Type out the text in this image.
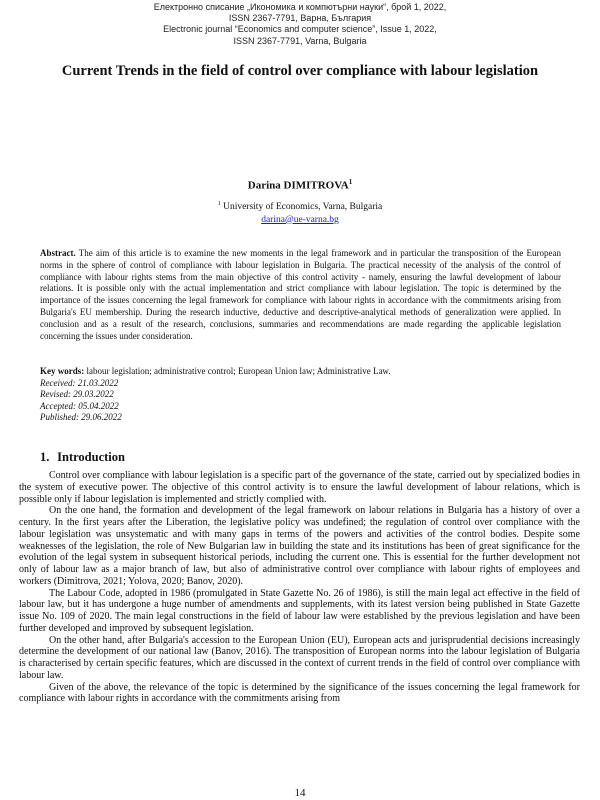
Електронно списание „Икономика и компютърни науки“, брой 1, 2022,
ISSN 2367-7791, Варна, България
Electronic journal “Economics and computer science”, Issue 1, 2022,
ISSN 2367-7791, Varna, Bulgaria
Current Trends in the field of control over compliance with labour legislation
Darina DIMITROVA$^1$
$^1$ University of Economics, Varna, Bulgaria
darina@ue-varna.bg
Abstract. The aim of this article is to examine the new moments in the legal framework and in particular the transposition of the European norms in the sphere of control of compliance with labour legislation in Bulgaria. The practical necessity of the analysis of the control of compliance with labour rights stems from the main objective of this control activity - namely, ensuring the lawful development of labour relations. It is possible only with the actual implementation and strict compliance with labour legislation. The topic is determined by the importance of the issues concerning the legal framework for compliance with labour rights in accordance with the commitments arising from Bulgaria's EU membership. During the research inductive, deductive and descriptive-analytical methods of generalization were applied. In conclusion and as a result of the research, conclusions, summaries and recommendations are made regarding the applicable legislation concerning the issues under consideration.
Key words: labour legislation; administrative control; European Union law; Administrative Law.
Received: 21.03.2022
Revised: 29.03.2022
Accepted: 05.04.2022
Published: 29.06.2022
1. Introduction

Control over compliance with labour legislation is a specific part of the governance of the state, carried out by specialized bodies in the system of executive power. The objective of this control activity is to ensure the lawful development of labour relations, which is possible only if labour legislation is implemented and strictly complied with.

On the one hand, the formation and development of the legal framework on labour relations in Bulgaria has a history of over a century. In the first years after the Liberation, the legislative policy was undefined; the regulation of control over compliance with the labour legislation was unsystematic and with many gaps in terms of the powers and activities of the control bodies. Despite some weaknesses of the legislation, the role of New Bulgarian law in building the state and its institutions has been of great significance for the evolution of the legal system in subsequent historical periods, including the current one. This is essential for the further development not only of labour law as a major branch of law, but also of administrative control over compliance with labour rights of employees and workers (Dimitrova, 2021; Yolova, 2020; Banov, 2020).

The Labour Code, adopted in 1986 (promulgated in State Gazette No. 26 of 1986), is still the main legal act effective in the field of labour law, but it has undergone a huge number of amendments and supplements, with its latest version being published in State Gazette issue No. 109 of 2020. The main legal constructions in the field of labour law were established by the previous legislation and have been further developed and improved by subsequent legislation.

On the other hand, after Bulgaria's accession to the European Union (EU), European acts and jurisprudential decisions increasingly determine the development of our national law (Banov, 2016). The transposition of European norms into the labour legislation of Bulgaria is characterised by certain specific features, which are discussed in the context of current trends in the field of control over compliance with labour law.

Given of the above, the relevance of the topic is determined by the significance of the issues concerning the legal framework for compliance with labour rights in accordance with the commitments arising from

14
